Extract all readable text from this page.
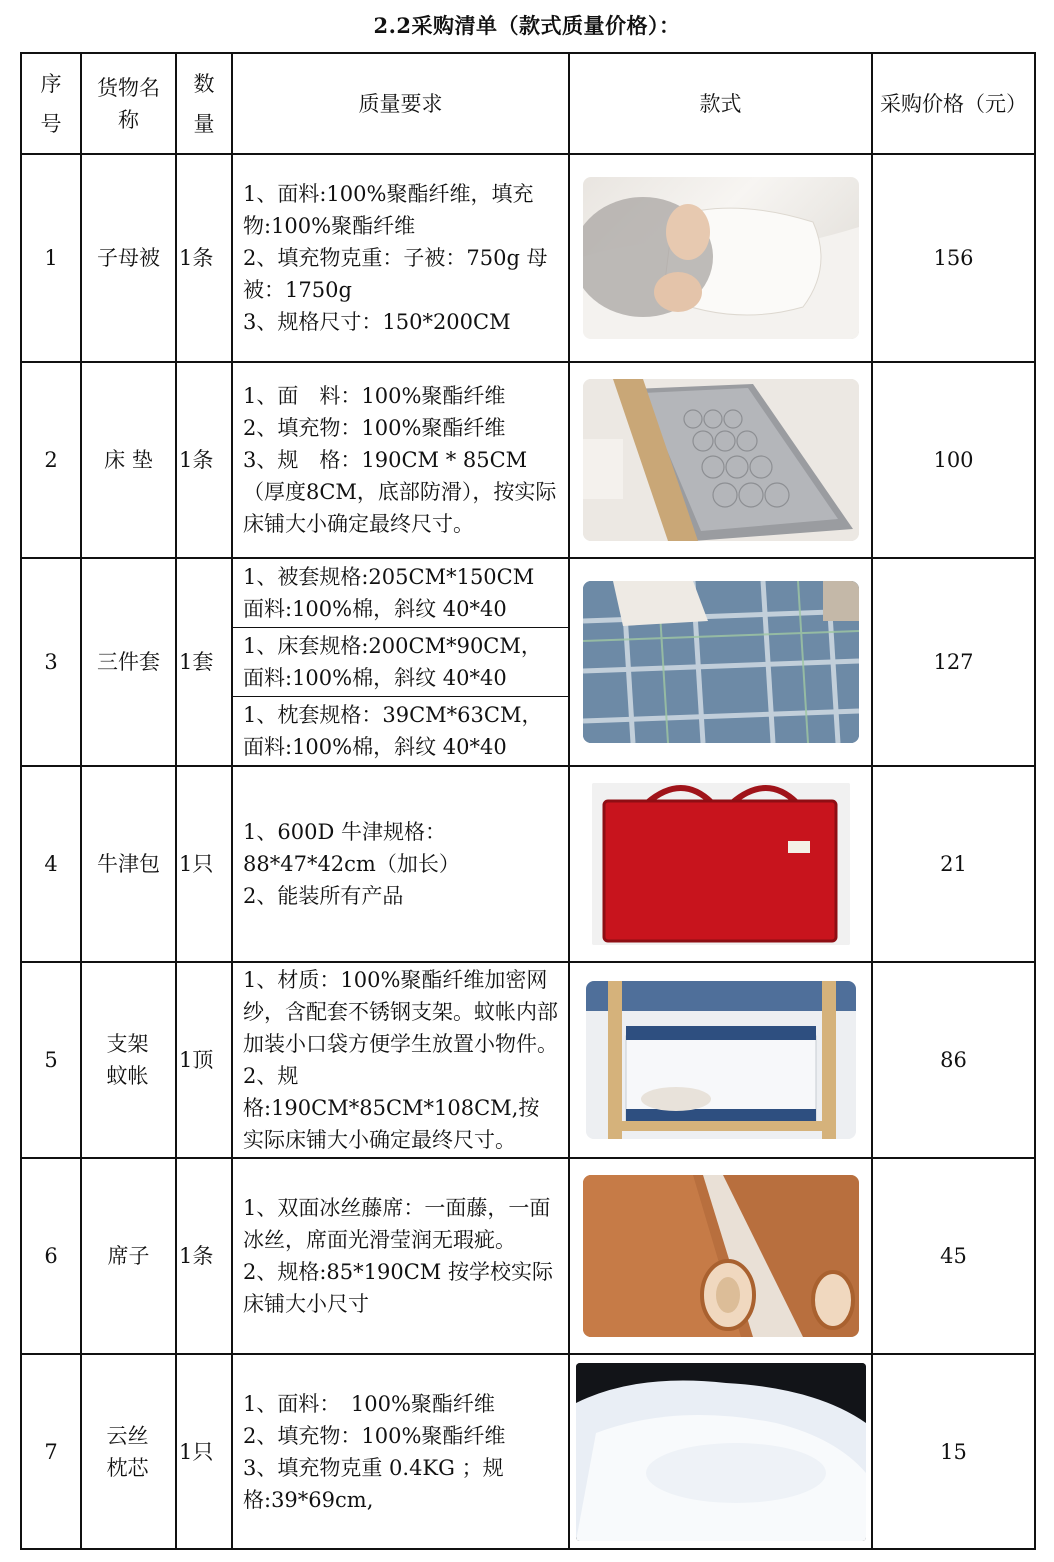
2.2采购清单（款式质量价格）：
序号	货物名称	数量	质量要求	款式	采购价格（元）
1	子母被	1条	1、面料:100%聚酯纤维，填充物:100%聚酯纤维

2、填充物克重：子被：750g 母被：1750g

3、规格尺寸：150*200CM		156
2	床 垫	1条	1、面　料：100%聚酯纤维

2、填充物：100%聚酯纤维

3、规　格：190CM * 85CM（厚度8CM，底部防滑），按实际床铺大小确定最终尺寸。		100
3	三件套	1套	1、被套规格:205CM*150CM 面料:100%棉，斜纹 40*40
1、床套规格:200CM*90CM，面料:100%棉，斜纹 40*40
1、枕套规格：39CM*63CM，面料:100%棉，斜纹 40*40		127
4	牛津包	1只	1、600D 牛津规格：88*47*42cm（加长）

2、能装所有产品		21
5	支架蚊帐	1顶	1、材质：100%聚酯纤维加密网纱，含配套不锈钢支架。蚊帐内部加装小口袋方便学生放置小物件。

2、规格:190CM*85CM*108CM,按实际床铺大小确定最终尺寸。		86
6	席子	1条	1、双面冰丝藤席：一面藤，一面冰丝，席面光滑莹润无瑕疵。

2、规格:85*190CM 按学校实际床铺大小尺寸		45
7	云丝枕芯	1只	1、面料：　100%聚酯纤维

2、填充物：100%聚酯纤维

3、填充物克重 0.4KG ；规格:39*69cm,		15
